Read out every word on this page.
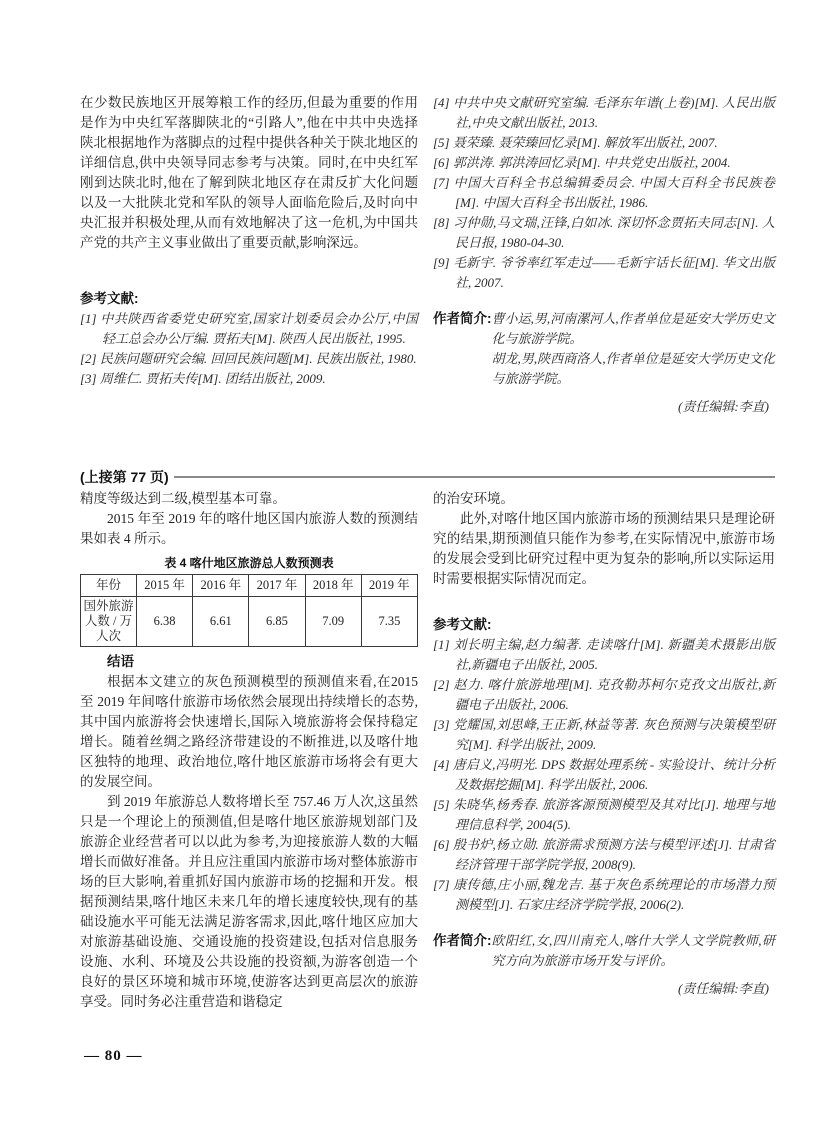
在少数民族地区开展筹粮工作的经历,但最为重要的作用是作为中央红军落脚陕北的“引路人”,他在中共中央选择陕北根据地作为落脚点的过程中提供各种关于陕北地区的详细信息,供中央领导同志参考与决策。同时,在中央红军刚到达陕北时,他在了解到陕北地区存在肃反扩大化问题以及一大批陕北党和军队的领导人面临危险后,及时向中央汇报并积极处理,从而有效地解决了这一危机,为中国共产党的共产主义事业做出了重要贡献,影响深远。

参考文献:

[1] 中共陕西省委党史研究室,国家计划委员会办公厅,中国轻工总会办公厅编. 贾拓夫[M]. 陕西人民出版社, 1995.

[2] 民族问题研究会编. 回回民族问题[M]. 民族出版社, 1980.

[3] 周维仁. 贾拓夫传[M]. 团结出版社, 2009.

[4] 中共中央文献研究室编. 毛泽东年谱(上卷)[M]. 人民出版社,中央文献出版社, 2013.

[5] 聂荣臻. 聂荣臻回忆录[M]. 解放军出版社, 2007.

[6] 郭洪涛. 郭洪涛回忆录[M]. 中共党史出版社, 2004.

[7] 中国大百科全书总编辑委员会. 中国大百科全书民族卷[M]. 中国大百科全书出版社, 1986.

[8] 习仲勋,马文瑞,汪锋,白如冰. 深切怀念贾拓夫同志[N]. 人民日报, 1980-04-30.

[9] 毛新宇. 爷爷率红军走过——毛新宇话长征[M]. 华文出版社, 2007.

作者简介: 曹小运,男,河南漯河人,作者单位是延安大学历史文化与旅游学院。

胡龙,男,陕西商洛人,作者单位是延安大学历史文化与旅游学院。

(责任编辑:李直)

(上接第 77 页)

精度等级达到二级,模型基本可靠。

2015 年至 2019 年的喀什地区国内旅游人数的预测结果如表 4 所示。

表 4 喀什地区旅游总人数预测表
年份	2015 年	2016 年	2017 年	2018 年	2019 年
国外旅游人数 / 万人次	6.38	6.61	6.85	7.09	7.35
结语

根据本文建立的灰色预测模型的预测值来看,在2015 至 2019 年间喀什旅游市场依然会展现出持续增长的态势,其中国内旅游将会快速增长,国际入境旅游将会保持稳定增长。随着丝绸之路经济带建设的不断推进,以及喀什地区独特的地理、政治地位,喀什地区旅游市场将会有更大的发展空间。

到 2019 年旅游总人数将增长至 757.46 万人次,这虽然只是一个理论上的预测值,但是喀什地区旅游规划部门及旅游企业经营者可以以此为参考,为迎接旅游人数的大幅增长而做好准备。并且应注重国内旅游市场对整体旅游市场的巨大影响,着重抓好国内旅游市场的挖掘和开发。根据预测结果,喀什地区未来几年的增长速度较快,现有的基础设施水平可能无法满足游客需求,因此,喀什地区应加大对旅游基础设施、交通设施的投资建设,包括对信息服务设施、水利、环境及公共设施的投资额,为游客创造一个良好的景区环境和城市环境,使游客达到更高层次的旅游享受。同时务必注重营造和谐稳定

的治安环境。

此外,对喀什地区国内旅游市场的预测结果只是理论研究的结果,期预测值只能作为参考,在实际情况中,旅游市场的发展会受到比研究过程中更为复杂的影响,所以实际运用时需要根据实际情况而定。

参考文献:

[1] 刘长明主编,赵力编著. 走读喀什[M]. 新疆美术摄影出版社,新疆电子出版社, 2005.

[2] 赵力. 喀什旅游地理[M]. 克孜勒苏柯尔克孜文出版社,新疆电子出版社, 2006.

[3] 党耀国,刘思峰,王正新,林益等著. 灰色预测与决策模型研究[M]. 科学出版社, 2009.

[4] 唐启义,冯明光. DPS 数据处理系统 - 实验设计、统计分析及数据挖掘[M]. 科学出版社, 2006.

[5] 朱晓华,杨秀春. 旅游客源预测模型及其对比[J]. 地理与地理信息科学, 2004(5).

[6] 殷书炉,杨立勋. 旅游需求预测方法与模型评述[J]. 甘肃省经济管理干部学院学报, 2008(9).

[7] 康传德,庄小丽,魏龙吉. 基于灰色系统理论的市场潜力预测模型[J]. 石家庄经济学院学报, 2006(2).

作者简介: 欧阳红,女,四川南充人,喀什大学人文学院教师,研究方向为旅游市场开发与评价。

(责任编辑:李直)

— 80 —
